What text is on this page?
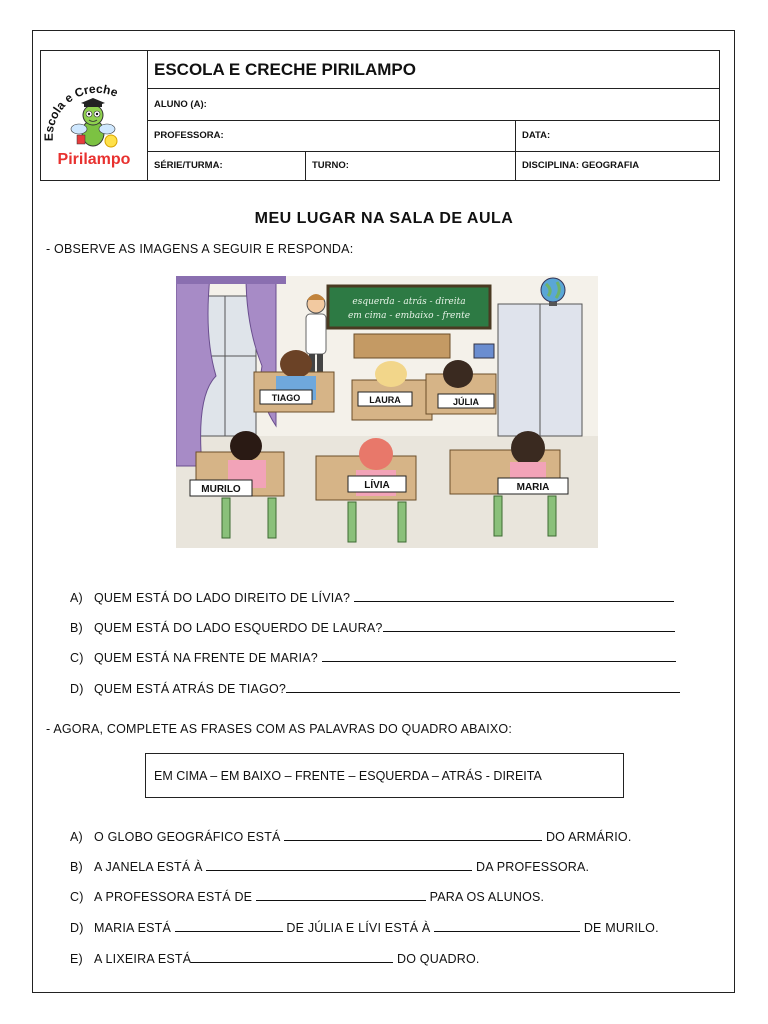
Escola e Creche
Pirilampo
ESCOLA E CRECHE PIRILAMPO
ALUNO (A):
PROFESSORA:	DATA:
SÉRIE/TURMA:	TURNO:	DISCIPLINA: GEOGRAFIA
MEU LUGAR NA SALA DE AULA
- OBSERVE AS IMAGENS A SEGUIR E RESPONDA:
esquerda - atrás - direita
em cima - embaixo - frente
TIAGO	LAURA	JÚLIA
MURILO	LÍVIA	MARIA
A) QUEM ESTÁ DO LADO DIREITO DE LÍVIA?
B) QUEM ESTÁ DO LADO ESQUERDO DE LAURA?
C) QUEM ESTÁ NA FRENTE DE MARIA?
D) QUEM ESTÁ ATRÁS DE TIAGO?
- AGORA, COMPLETE AS FRASES COM AS PALAVRAS DO QUADRO ABAIXO:
EM CIMA – EM BAIXO – FRENTE – ESQUERDA – ATRÁS - DIREITA
A) O GLOBO GEOGRÁFICO ESTÁ	DO ARMÁRIO.
B) A JANELA ESTÁ À	DA PROFESSORA.
C) A PROFESSORA ESTÁ DE	PARA OS ALUNOS.
D) MARIA ESTÁ	DE JÚLIA E LÍVI ESTÁ À	DE MURILO.
E) A LIXEIRA ESTÁ	DO QUADRO.
